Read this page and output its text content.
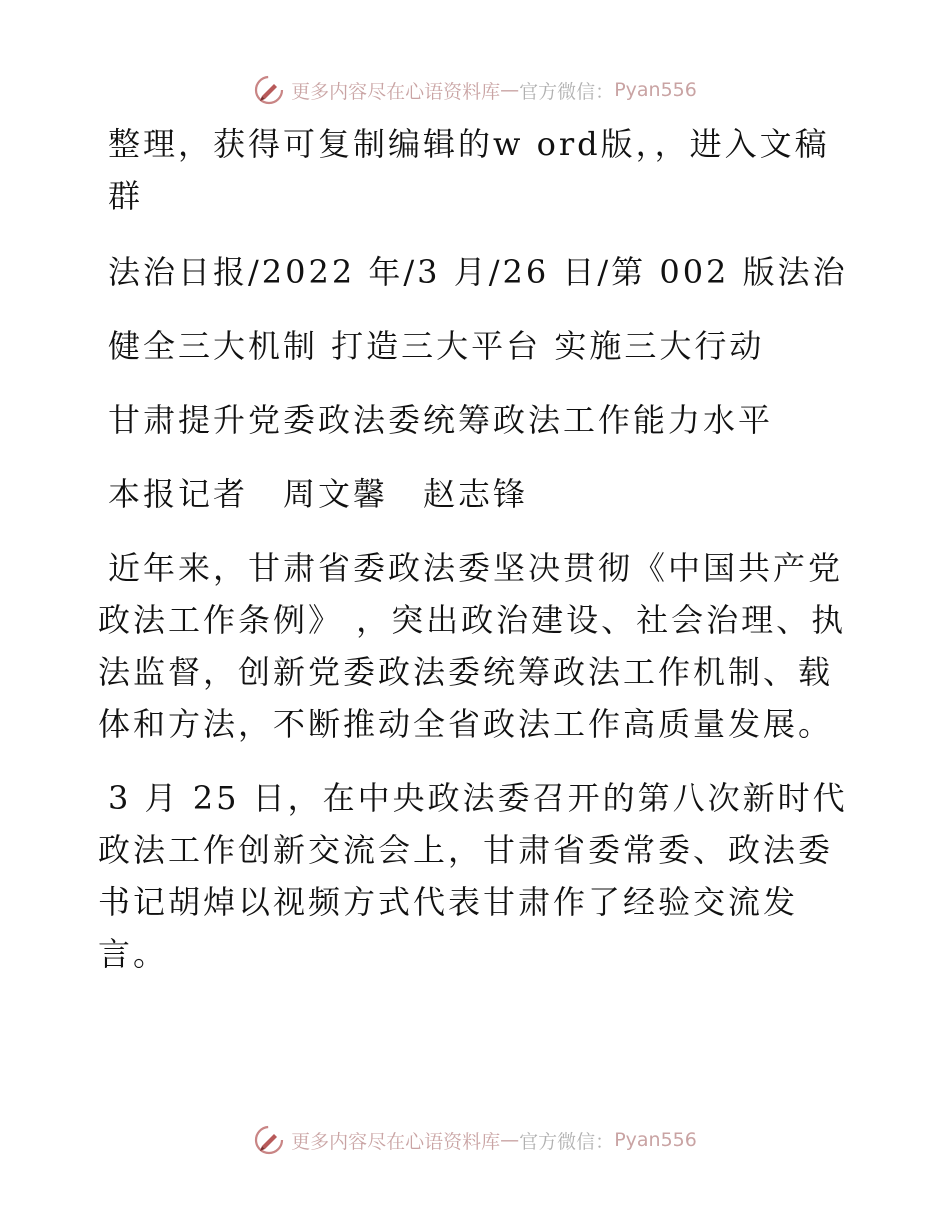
更多内容尽在心语资料库 — 官方微信： Pyan556

整理，获得可复制编辑的w ord版，，进入文稿群

法治日报/2022 年/3 月/26 日/第 002 版法治

健全三大机制 打造三大平台 实施三大行动

甘肃提升党委政法委统筹政法工作能力水平

本报记者　周文馨　赵志锋

近年来，甘肃省委政法委坚决贯彻《中国共产党政法工作条例》 ，突出政治建设、社会治理、执法监督，创新党委政法委统筹政法工作机制、载体和方法，不断推动全省政法工作高质量发展。

3 月 25 日，在中央政法委召开的第八次新时代政法工作创新交流会上，甘肃省委常委、政法委书记胡焯以视频方式代表甘肃作了经验交流发言。

更多内容尽在心语资料库 — 官方微信： Pyan556
